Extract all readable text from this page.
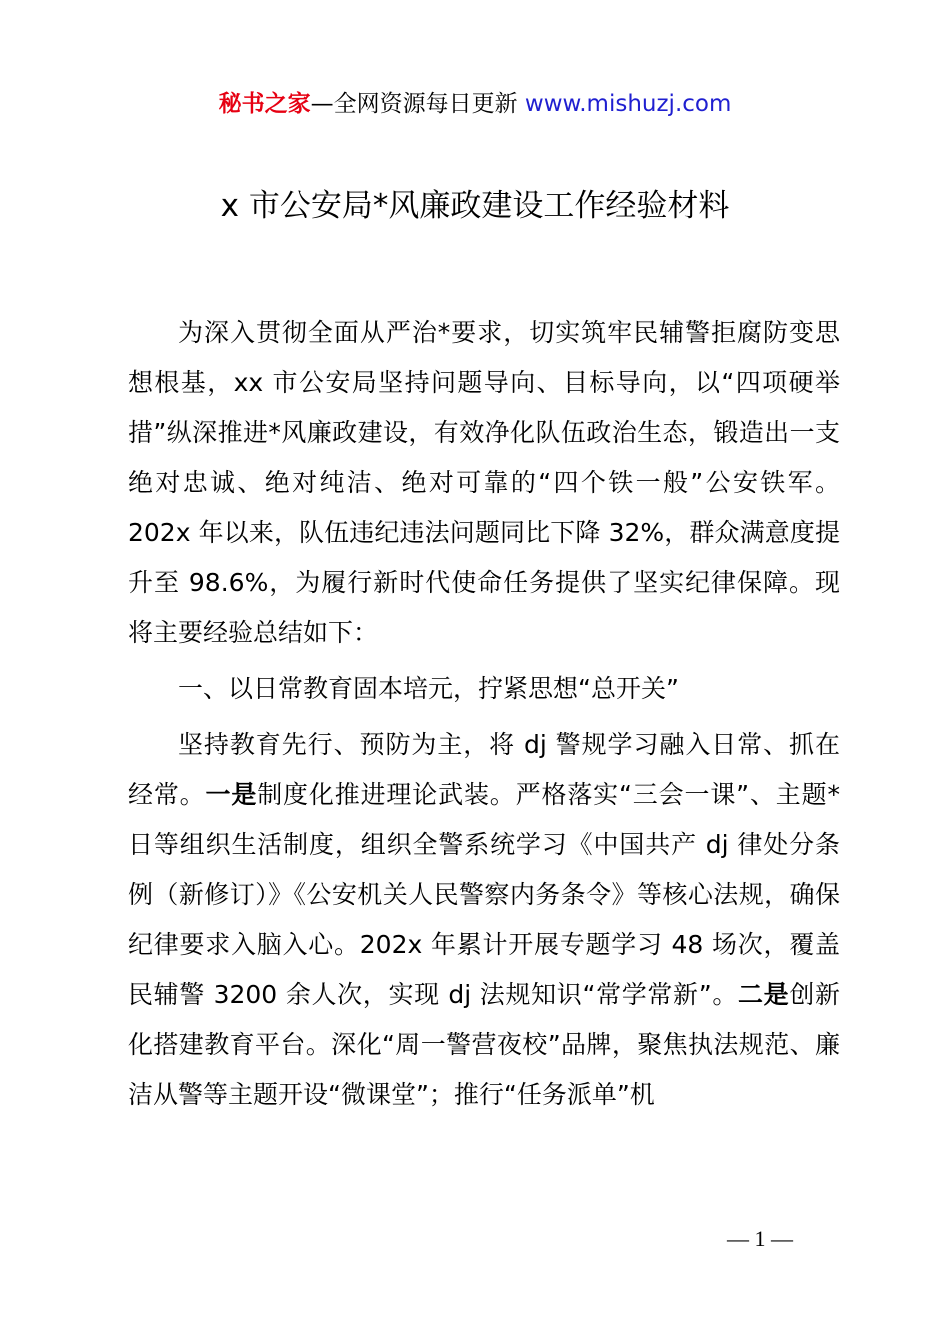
秘书之家—全网资源每日更新 www.mishuzj.com
x 市公安局*风廉政建设工作经验材料

为深入贯彻全面从严治*要求，切实筑牢民辅警拒腐防变思想根基，xx 市公安局坚持问题导向、目标导向，以“四项硬举措”纵深推进*风廉政建设，有效净化队伍政治生态，锻造出一支绝对忠诚、绝对纯洁、绝对可靠的“四个铁一般”公安铁军。202x 年以来，队伍违纪违法问题同比下降 32%，群众满意度提升至 98.6%，为履行新时代使命任务提供了坚实纪律保障。现将主要经验总结如下：

一、以日常教育固本培元，拧紧思想“总开关”

坚持教育先行、预防为主，将 dj 警规学习融入日常、抓在经常。一是制度化推进理论武装。严格落实“三会一课”、主题*日等组织生活制度，组织全警系统学习《中国共产 dj 律处分条例（新修订）》《公安机关人民警察内务条令》等核心法规，确保纪律要求入脑入心。202x 年累计开展专题学习 48 场次，覆盖民辅警 3200 余人次，实现 dj 法规知识“常学常新”。二是创新化搭建教育平台。深化“周一警营夜校”品牌，聚焦执法规范、廉洁从警等主题开设“微课堂”；推行“任务派单”机

— 1 —
